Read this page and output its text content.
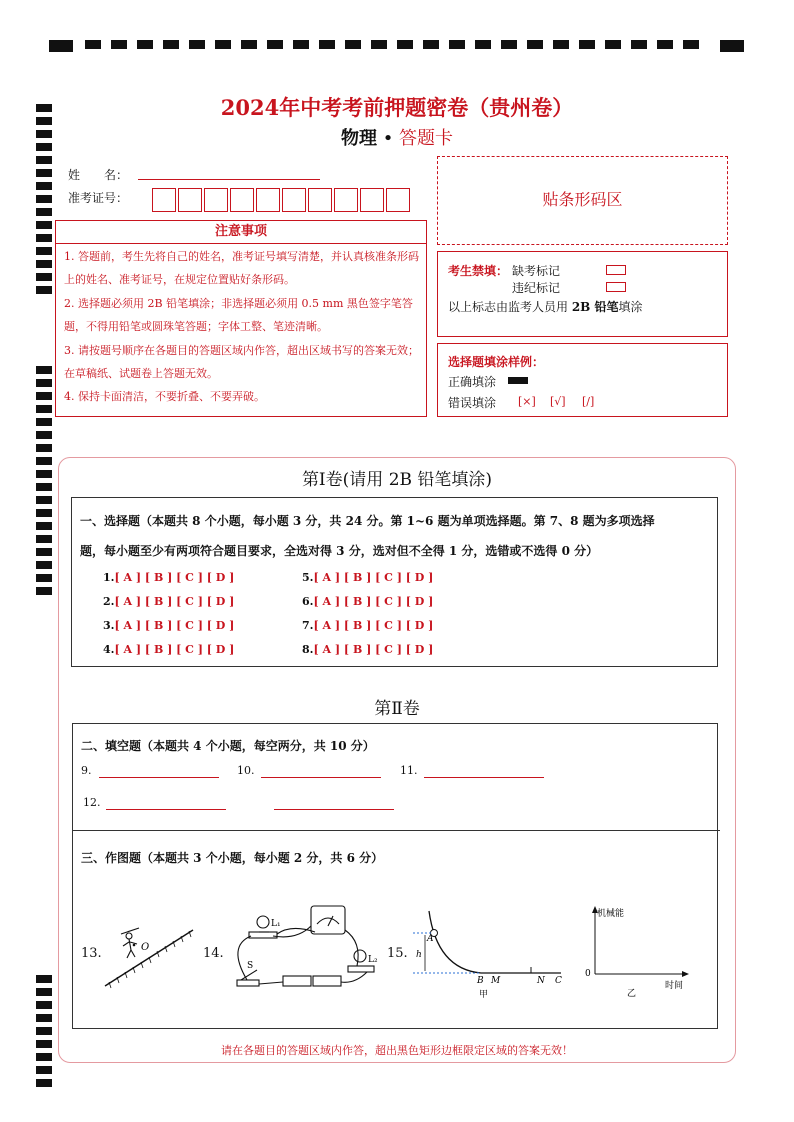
2024年中考考前押题密卷（贵州卷）
物理 • 答题卡
姓　　名：
准考证号：
注意事项
1. 答题前，考生先将自己的姓名，准考证号填写清楚，并认真核准条形码上的姓名、准考证号，在规定位置贴好条形码。
2. 选择题必须用 2B 铅笔填涂；非选择题必须用 0.5 mm 黑色签字笔答题，不得用铅笔或圆珠笔答题；字体工整、笔迹清晰。
3. 请按题号顺序在各题目的答题区域内作答，超出区域书写的答案无效；在草稿纸、试题卷上答题无效。
4. 保持卡面清洁，不要折叠、不要弄破。
贴条形码区
考生禁填： 缺考标记
违纪标记
以上标志由监考人员用 2B 铅笔填涂
选择题填涂样例：
正确填涂
错误填涂 [×] [√] [/]
第Ⅰ卷(请用 2B 铅笔填涂)
一、选择题（本题共 8 个小题，每小题 3 分，共 24 分。第 1~6 题为单项选择题。第 7、8 题为多项选择
题，每小题至少有两项符合题目要求，全选对得 3 分，选对但不全得 1 分，选错或不选得 0 分）
1.[ A ] [ B ] [ C ] [ D ]
2.[ A ] [ B ] [ C ] [ D ]
3.[ A ] [ B ] [ C ] [ D ]
4.[ A ] [ B ] [ C ] [ D ]
5.[ A ] [ B ] [ C ] [ D ]
6.[ A ] [ B ] [ C ] [ D ]
7.[ A ] [ B ] [ C ] [ D ]
8.[ A ] [ B ] [ C ] [ D ]
第Ⅱ卷
二、填空题（本题共 4 个小题，每空两分，共 10 分）
9.	10.	11.
12.
三、作图题（本题共 3 个小题，每小题 2 分，共 6 分）
13.	14.	15.
O
L₁
L₂
S
A
h
B M	N C
甲
机械能
0
时间
乙
请在各题目的答题区域内作答，超出黑色矩形边框限定区域的答案无效！
